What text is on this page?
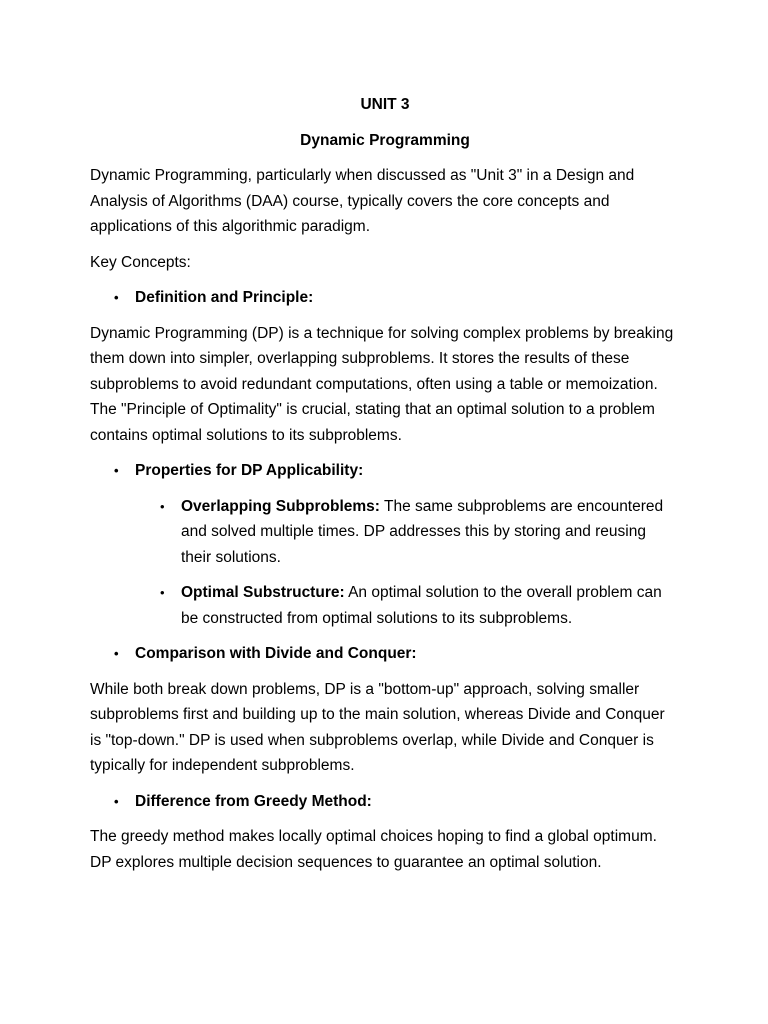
UNIT 3

Dynamic Programming

Dynamic Programming, particularly when discussed as "Unit 3" in a Design and Analysis of Algorithms (DAA) course, typically covers the core concepts and applications of this algorithmic paradigm.

Key Concepts:

• Definition and Principle:

Dynamic Programming (DP) is a technique for solving complex problems by breaking them down into simpler, overlapping subproblems. It stores the results of these subproblems to avoid redundant computations, often using a table or memoization. The "Principle of Optimality" is crucial, stating that an optimal solution to a problem contains optimal solutions to its subproblems.

• Properties for DP Applicability:
• Overlapping Subproblems: The same subproblems are encountered and solved multiple times. DP addresses this by storing and reusing their solutions.
• Optimal Substructure: An optimal solution to the overall problem can be constructed from optimal solutions to its subproblems.
• Comparison with Divide and Conquer:

While both break down problems, DP is a "bottom-up" approach, solving smaller subproblems first and building up to the main solution, whereas Divide and Conquer is "top-down." DP is used when subproblems overlap, while Divide and Conquer is typically for independent subproblems.

• Difference from Greedy Method:

The greedy method makes locally optimal choices hoping to find a global optimum. DP explores multiple decision sequences to guarantee an optimal solution.
